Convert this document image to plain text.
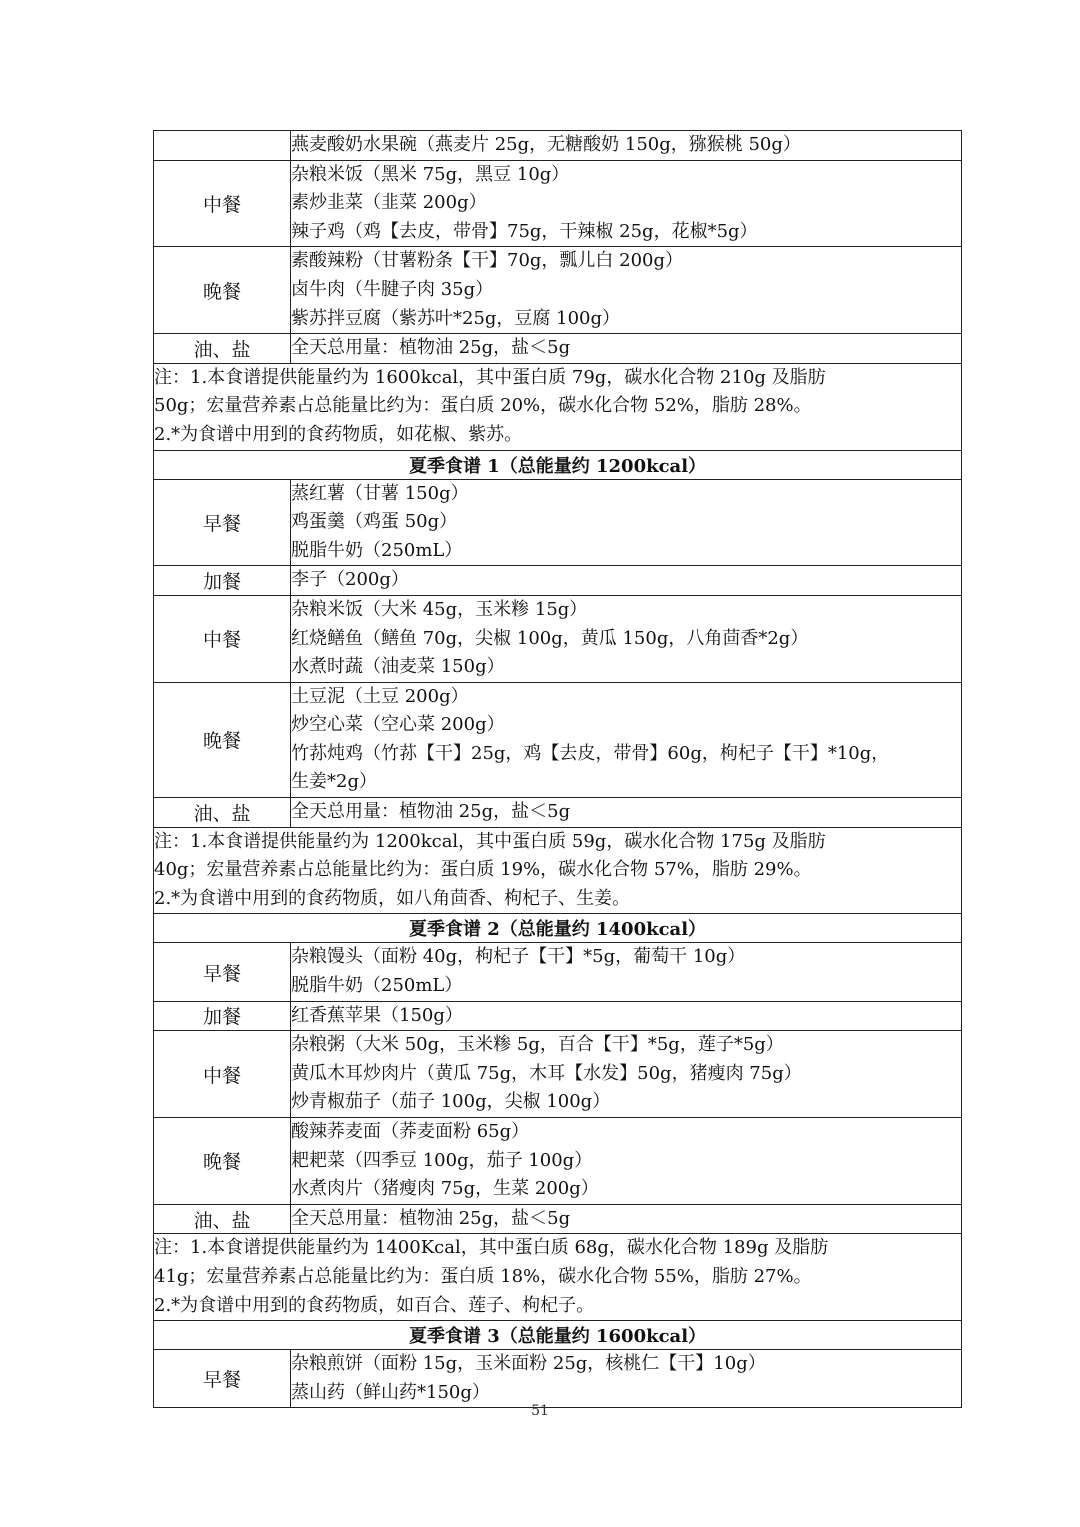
	燕麦酸奶水果碗（燕麦片 25g，无糖酸奶 150g，猕猴桃 50g）

中餐	杂粮米饭（黑米 75g，黑豆 10g）
素炒韭菜（韭菜 200g）
辣子鸡（鸡【去皮，带骨】75g，干辣椒 25g，花椒*5g）

晚餐	素酸辣粉（甘薯粉条【干】70g，瓢儿白 200g）
卤牛肉（牛腱子肉 35g）
紫苏拌豆腐（紫苏叶*25g，豆腐 100g）

油、盐	全天总用量：植物油 25g，盐＜5g

注：1.本食谱提供能量约为 1600kcal，其中蛋白质 79g，碳水化合物 210g 及脂肪
50g；宏量营养素占总能量比约为：蛋白质 20%，碳水化合物 52%，脂肪 28%。
2.*为食谱中用到的食药物质，如花椒、紫苏。	

夏季食谱 1（总能量约 1200kcal）	
早餐	蒸红薯（甘薯 150g）
鸡蛋羹（鸡蛋 50g）
脱脂牛奶（250mL）

加餐	李子（200g）

中餐	杂粮米饭（大米 45g，玉米糁 15g）
红烧鳝鱼（鳝鱼 70g，尖椒 100g，黄瓜 150g，八角茴香*2g）
水煮时蔬（油麦菜 150g）

晚餐	土豆泥（土豆 200g）
炒空心菜（空心菜 200g）
竹荪炖鸡（竹荪【干】25g，鸡【去皮，带骨】60g，枸杞子【干】*10g，
生姜*2g）

油、盐	全天总用量：植物油 25g，盐＜5g

注：1.本食谱提供能量约为 1200kcal，其中蛋白质 59g，碳水化合物 175g 及脂肪
40g；宏量营养素占总能量比约为：蛋白质 19%，碳水化合物 57%，脂肪 29%。
2.*为食谱中用到的食药物质，如八角茴香、枸杞子、生姜。	

夏季食谱 2（总能量约 1400kcal）	
早餐	杂粮馒头（面粉 40g，枸杞子【干】*5g，葡萄干 10g）
脱脂牛奶（250mL）

加餐	红香蕉苹果（150g）

中餐	杂粮粥（大米 50g，玉米糁 5g，百合【干】*5g，莲子*5g）
黄瓜木耳炒肉片（黄瓜 75g，木耳【水发】50g，猪瘦肉 75g）
炒青椒茄子（茄子 100g，尖椒 100g）

晚餐	酸辣荞麦面（荞麦面粉 65g）
耙耙菜（四季豆 100g，茄子 100g）
水煮肉片（猪瘦肉 75g，生菜 200g）

油、盐	全天总用量：植物油 25g，盐＜5g

注：1.本食谱提供能量约为 1400Kcal，其中蛋白质 68g，碳水化合物 189g 及脂肪
41g；宏量营养素占总能量比约为：蛋白质 18%，碳水化合物 55%，脂肪 27%。
2.*为食谱中用到的食药物质，如百合、莲子、枸杞子。	

夏季食谱 3（总能量约 1600kcal）	
早餐	杂粮煎饼（面粉 15g，玉米面粉 25g，核桃仁【干】10g）
蒸山药（鲜山药*150g）
51
